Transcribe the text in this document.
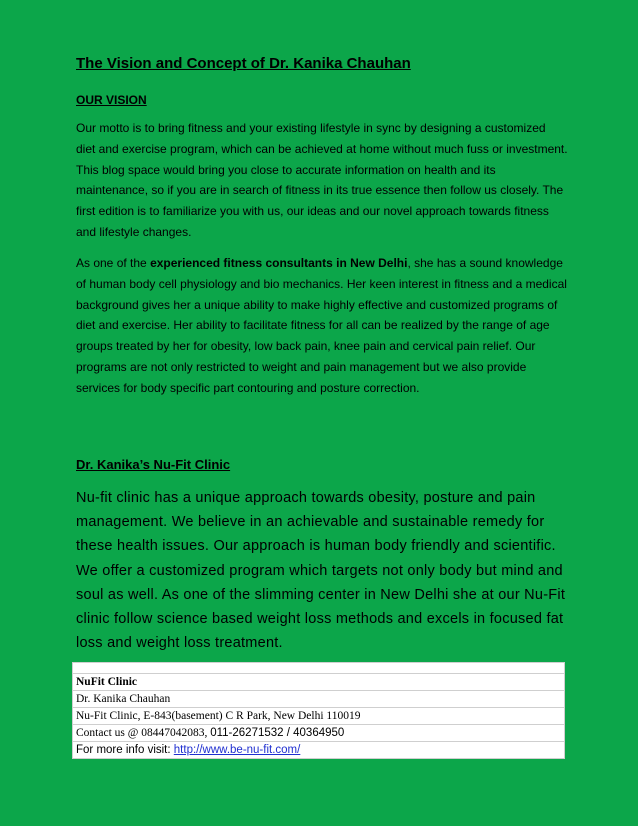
The Vision and Concept of Dr. Kanika Chauhan
OUR VISION

Our motto is to bring fitness and your existing lifestyle in sync by designing a customized diet and exercise program, which can be achieved at home without much fuss or investment. This blog space would bring you close to accurate information on health and its maintenance, so if you are in search of fitness in its true essence then follow us closely. The first edition is to familiarize you with us, our ideas and our novel approach towards fitness and lifestyle changes.

As one of the experienced fitness consultants in New Delhi, she has a sound knowledge of human body cell physiology and bio mechanics. Her keen interest in fitness and a medical background gives her a unique ability to make highly effective and customized programs of diet and exercise. Her ability to facilitate fitness for all can be realized by the range of age groups treated by her for obesity, low back pain, knee pain and cervical pain relief. Our programs are not only restricted to weight and pain management but we also provide services for body specific part contouring and posture correction.

Dr. Kanika’s Nu-Fit Clinic

Nu-fit clinic has a unique approach towards obesity, posture and pain management. We believe in an achievable and sustainable remedy for these health issues. Our approach is human body friendly and scientific. We offer a customized program which targets not only body but mind and soul as well. As one of the slimming center in New Delhi she at our Nu-Fit clinic follow science based weight loss methods and excels in focused fat loss and weight loss treatment.

NuFit Clinic
Dr. Kanika Chauhan
Nu-Fit Clinic, E-843(basement) C R Park, New Delhi 110019
Contact us @ 08447042083, 011-26271532 / 40364950
For more info visit: http://www.be-nu-fit.com/
